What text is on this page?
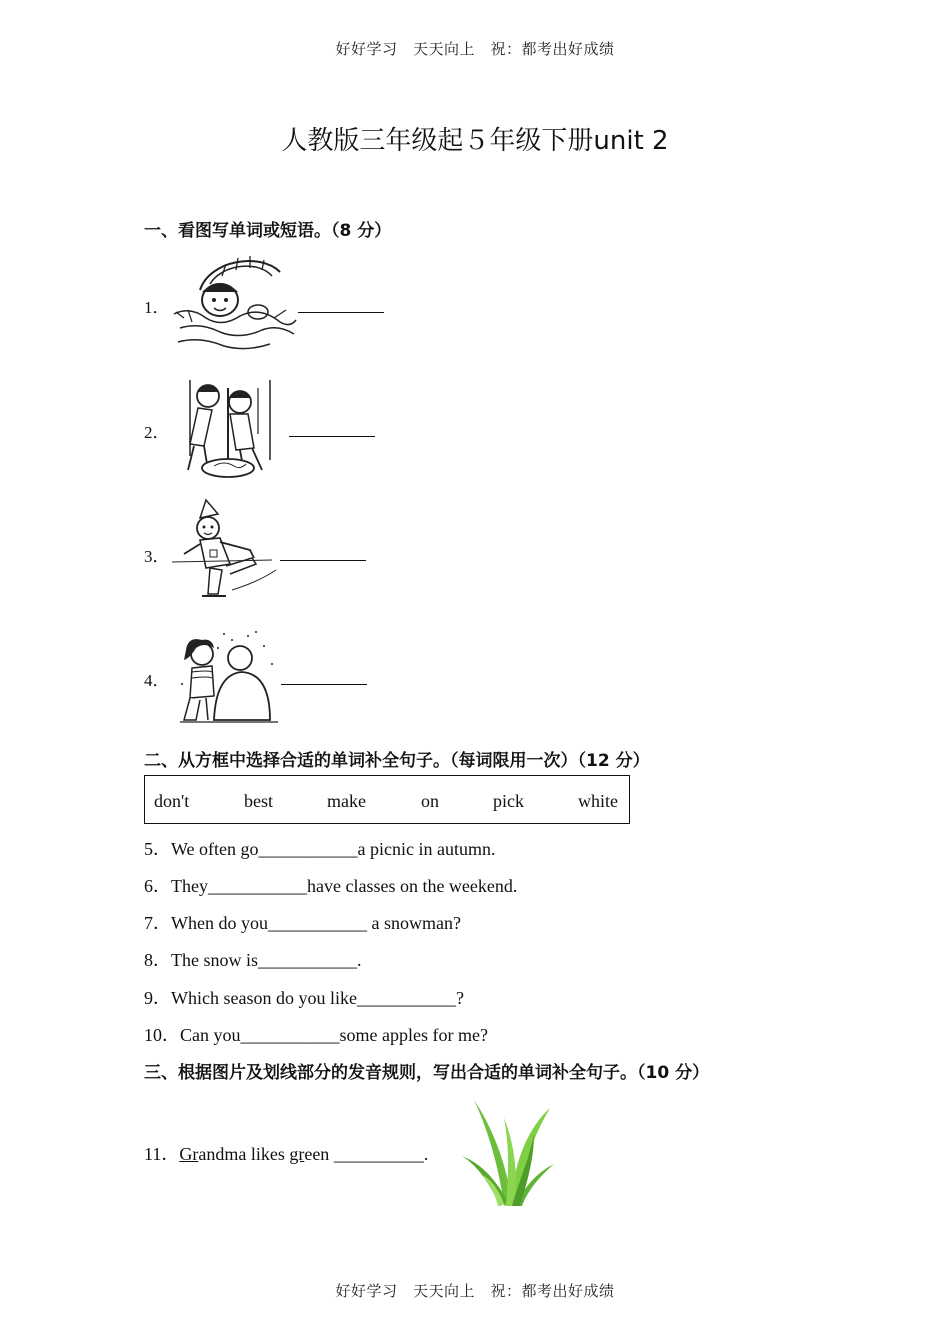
好好学习　天天向上　祝：都考出好成绩
人教版三年级起５年级下册unit 2
一、看图写单词或短语。（8 分）
1．
2．
3．
4．
二、从方框中选择合适的单词补全句子。（每词限用一次）（12 分）
don't	best	make	on	pick	white
5．We often go___________a picnic in autumn.
6．They___________have classes on the weekend.
7．When do you___________ a snowman?
8．The snow is___________.
9．Which season do you like___________?
10．Can you___________some apples for me?
三、根据图片及划线部分的发音规则，写出合适的单词补全句子。（10 分）
11．Grandma likes green __________.
好好学习　天天向上　祝：都考出好成绩
